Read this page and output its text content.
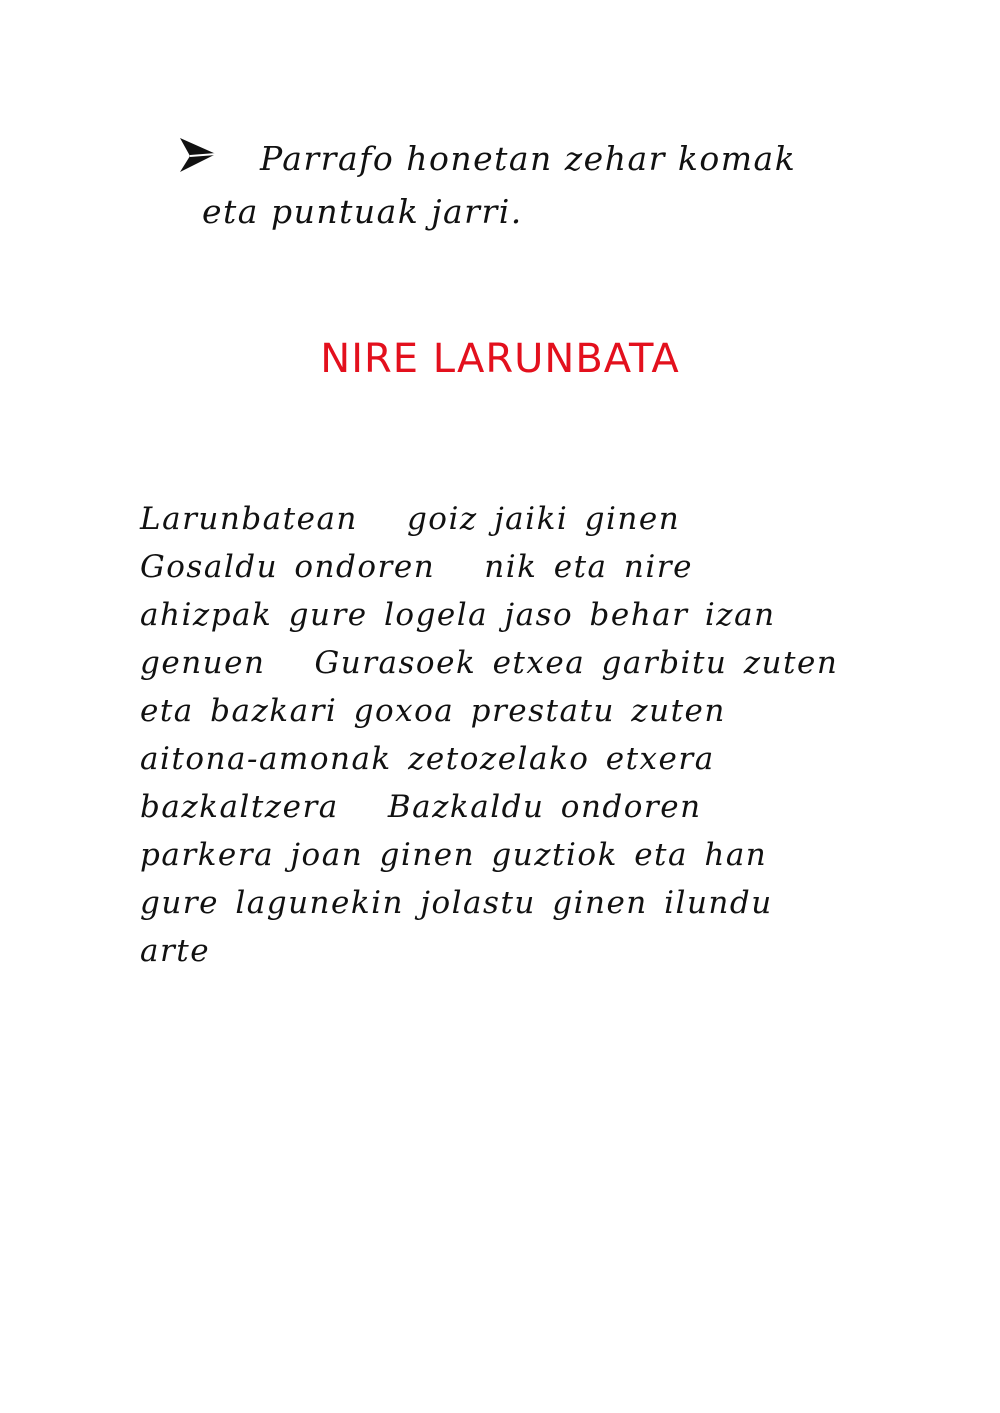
Parrafo honetan zehar komak
eta puntuak jarri.
NIRE LARUNBATA
Larunbatean   goiz jaiki ginen
Gosaldu ondoren   nik eta nire
ahizpak gure logela jaso behar izan
genuen   Gurasoek etxea garbitu zuten
eta bazkari goxoa prestatu zuten
aitona-amonak zetozelako etxera
bazkaltzera   Bazkaldu ondoren
parkera joan ginen guztiok eta han
gure lagunekin jolastu ginen ilundu
arte
